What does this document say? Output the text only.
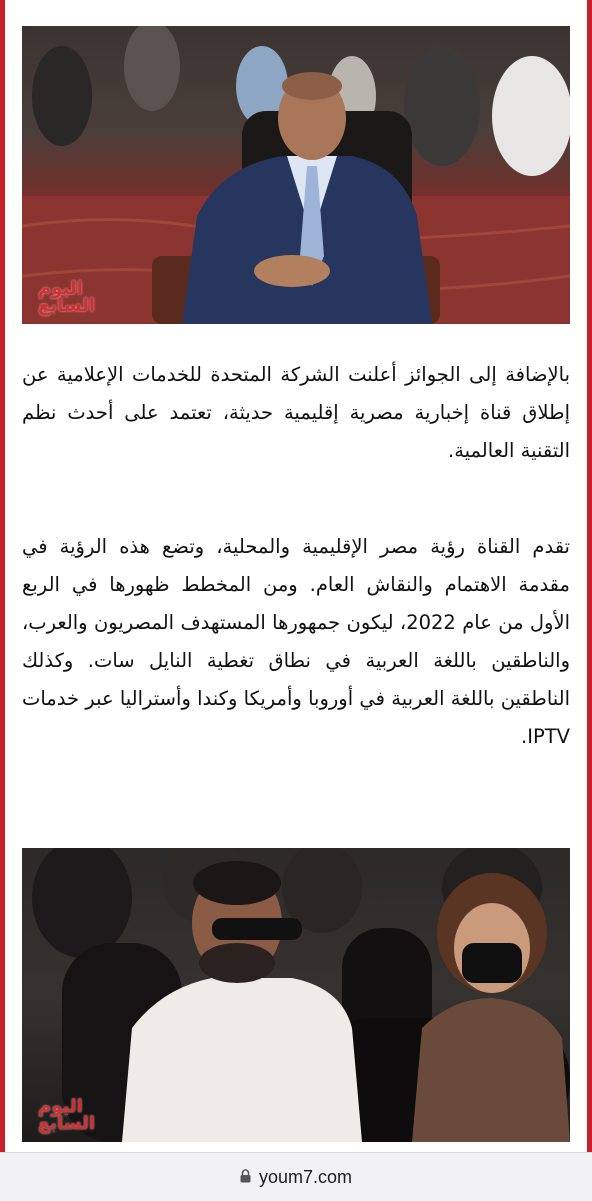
اليوم
السابع

بالإضافة إلى الجوائز أعلنت الشركة المتحدة للخدمات الإعلامية عن إطلاق قناة إخبارية مصرية إقليمية حديثة، تعتمد على أحدث نظم التقنية العالمية.

تقدم القناة رؤية مصر الإقليمية والمحلية، وتضع هذه الرؤية في مقدمة الاهتمام والنقاش العام. ومن المخطط ظهورها في الربع الأول من عام 2022، ليكون جمهورها المستهدف المصريون والعرب، والناطقين باللغة العربية في نطاق تغطية النايل سات. وكذلك الناطقين باللغة العربية في أوروبا وأمريكا وكندا وأستراليا عبر خدمات IPTV.

اليوم
السابع
youm7.com
